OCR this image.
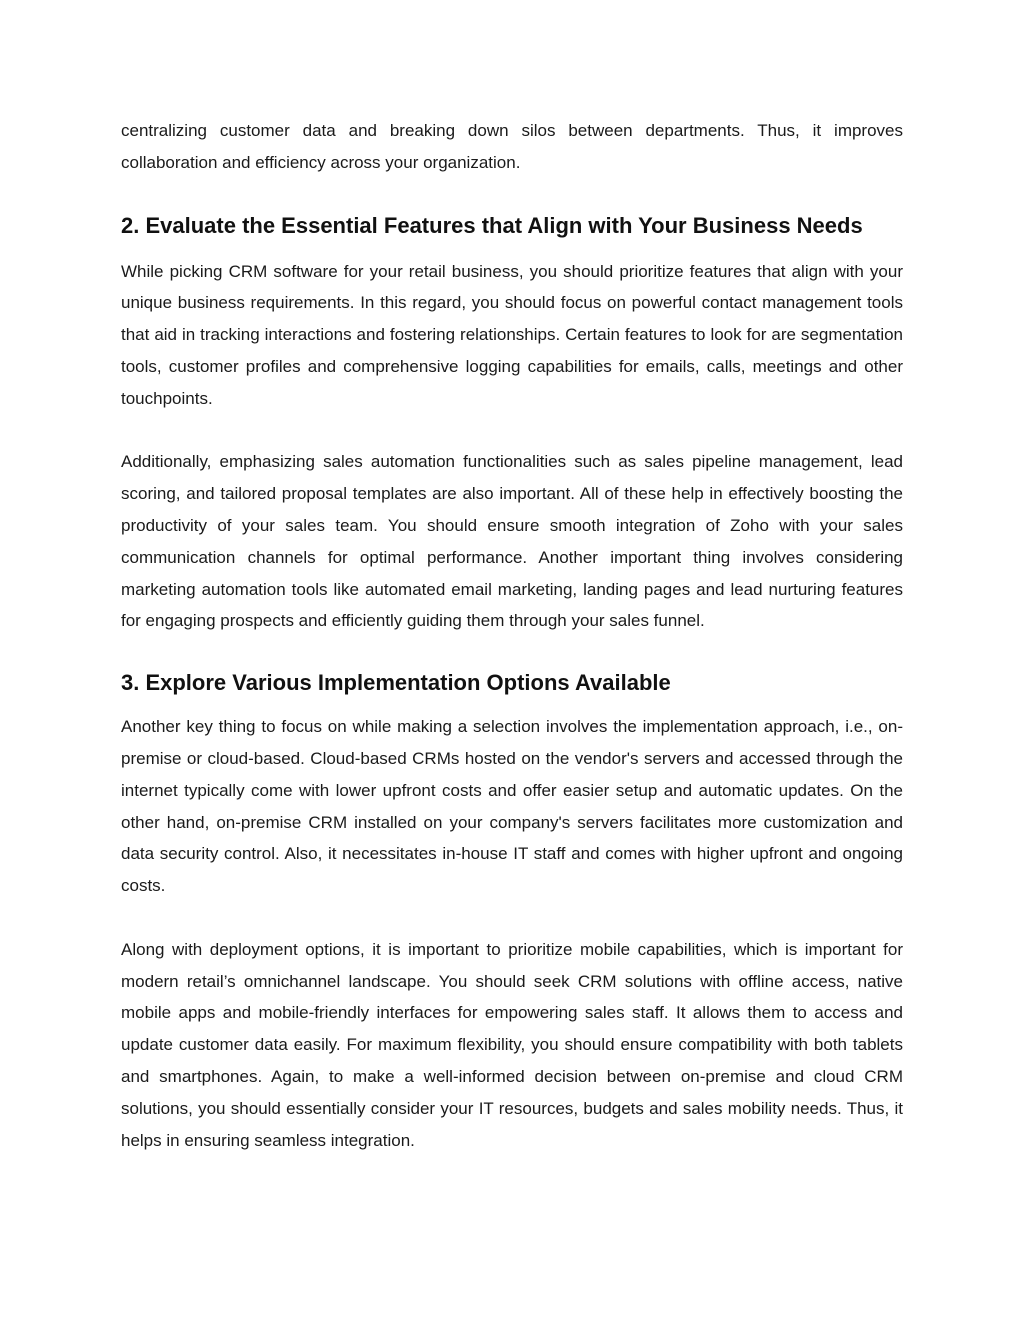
centralizing customer data and breaking down silos between departments. Thus, it improves collaboration and efficiency across your organization.

2. Evaluate the Essential Features that Align with Your Business Needs

While picking CRM software for your retail business, you should prioritize features that align with your unique business requirements. In this regard, you should focus on powerful contact management tools that aid in tracking interactions and fostering relationships. Certain features to look for are segmentation tools, customer profiles and comprehensive logging capabilities for emails, calls, meetings and other touchpoints.

Additionally, emphasizing sales automation functionalities such as sales pipeline management, lead scoring, and tailored proposal templates are also important. All of these help in effectively boosting the productivity of your sales team. You should ensure smooth integration of Zoho with your sales communication channels for optimal performance. Another important thing involves considering marketing automation tools like automated email marketing, landing pages and lead nurturing features for engaging prospects and efficiently guiding them through your sales funnel.

3. Explore Various Implementation Options Available

Another key thing to focus on while making a selection involves the implementation approach, i.e., on-premise or cloud-based. Cloud-based CRMs hosted on the vendor's servers and accessed through the internet typically come with lower upfront costs and offer easier setup and automatic updates. On the other hand, on-premise CRM installed on your company's servers facilitates more customization and data security control. Also, it necessitates in-house IT staff and comes with higher upfront and ongoing costs.

Along with deployment options, it is important to prioritize mobile capabilities, which is important for modern retail’s omnichannel landscape. You should seek CRM solutions with offline access, native mobile apps and mobile-friendly interfaces for empowering sales staff. It allows them to access and update customer data easily. For maximum flexibility, you should ensure compatibility with both tablets and smartphones. Again, to make a well-informed decision between on-premise and cloud CRM solutions, you should essentially consider your IT resources, budgets and sales mobility needs. Thus, it helps in ensuring seamless integration.
